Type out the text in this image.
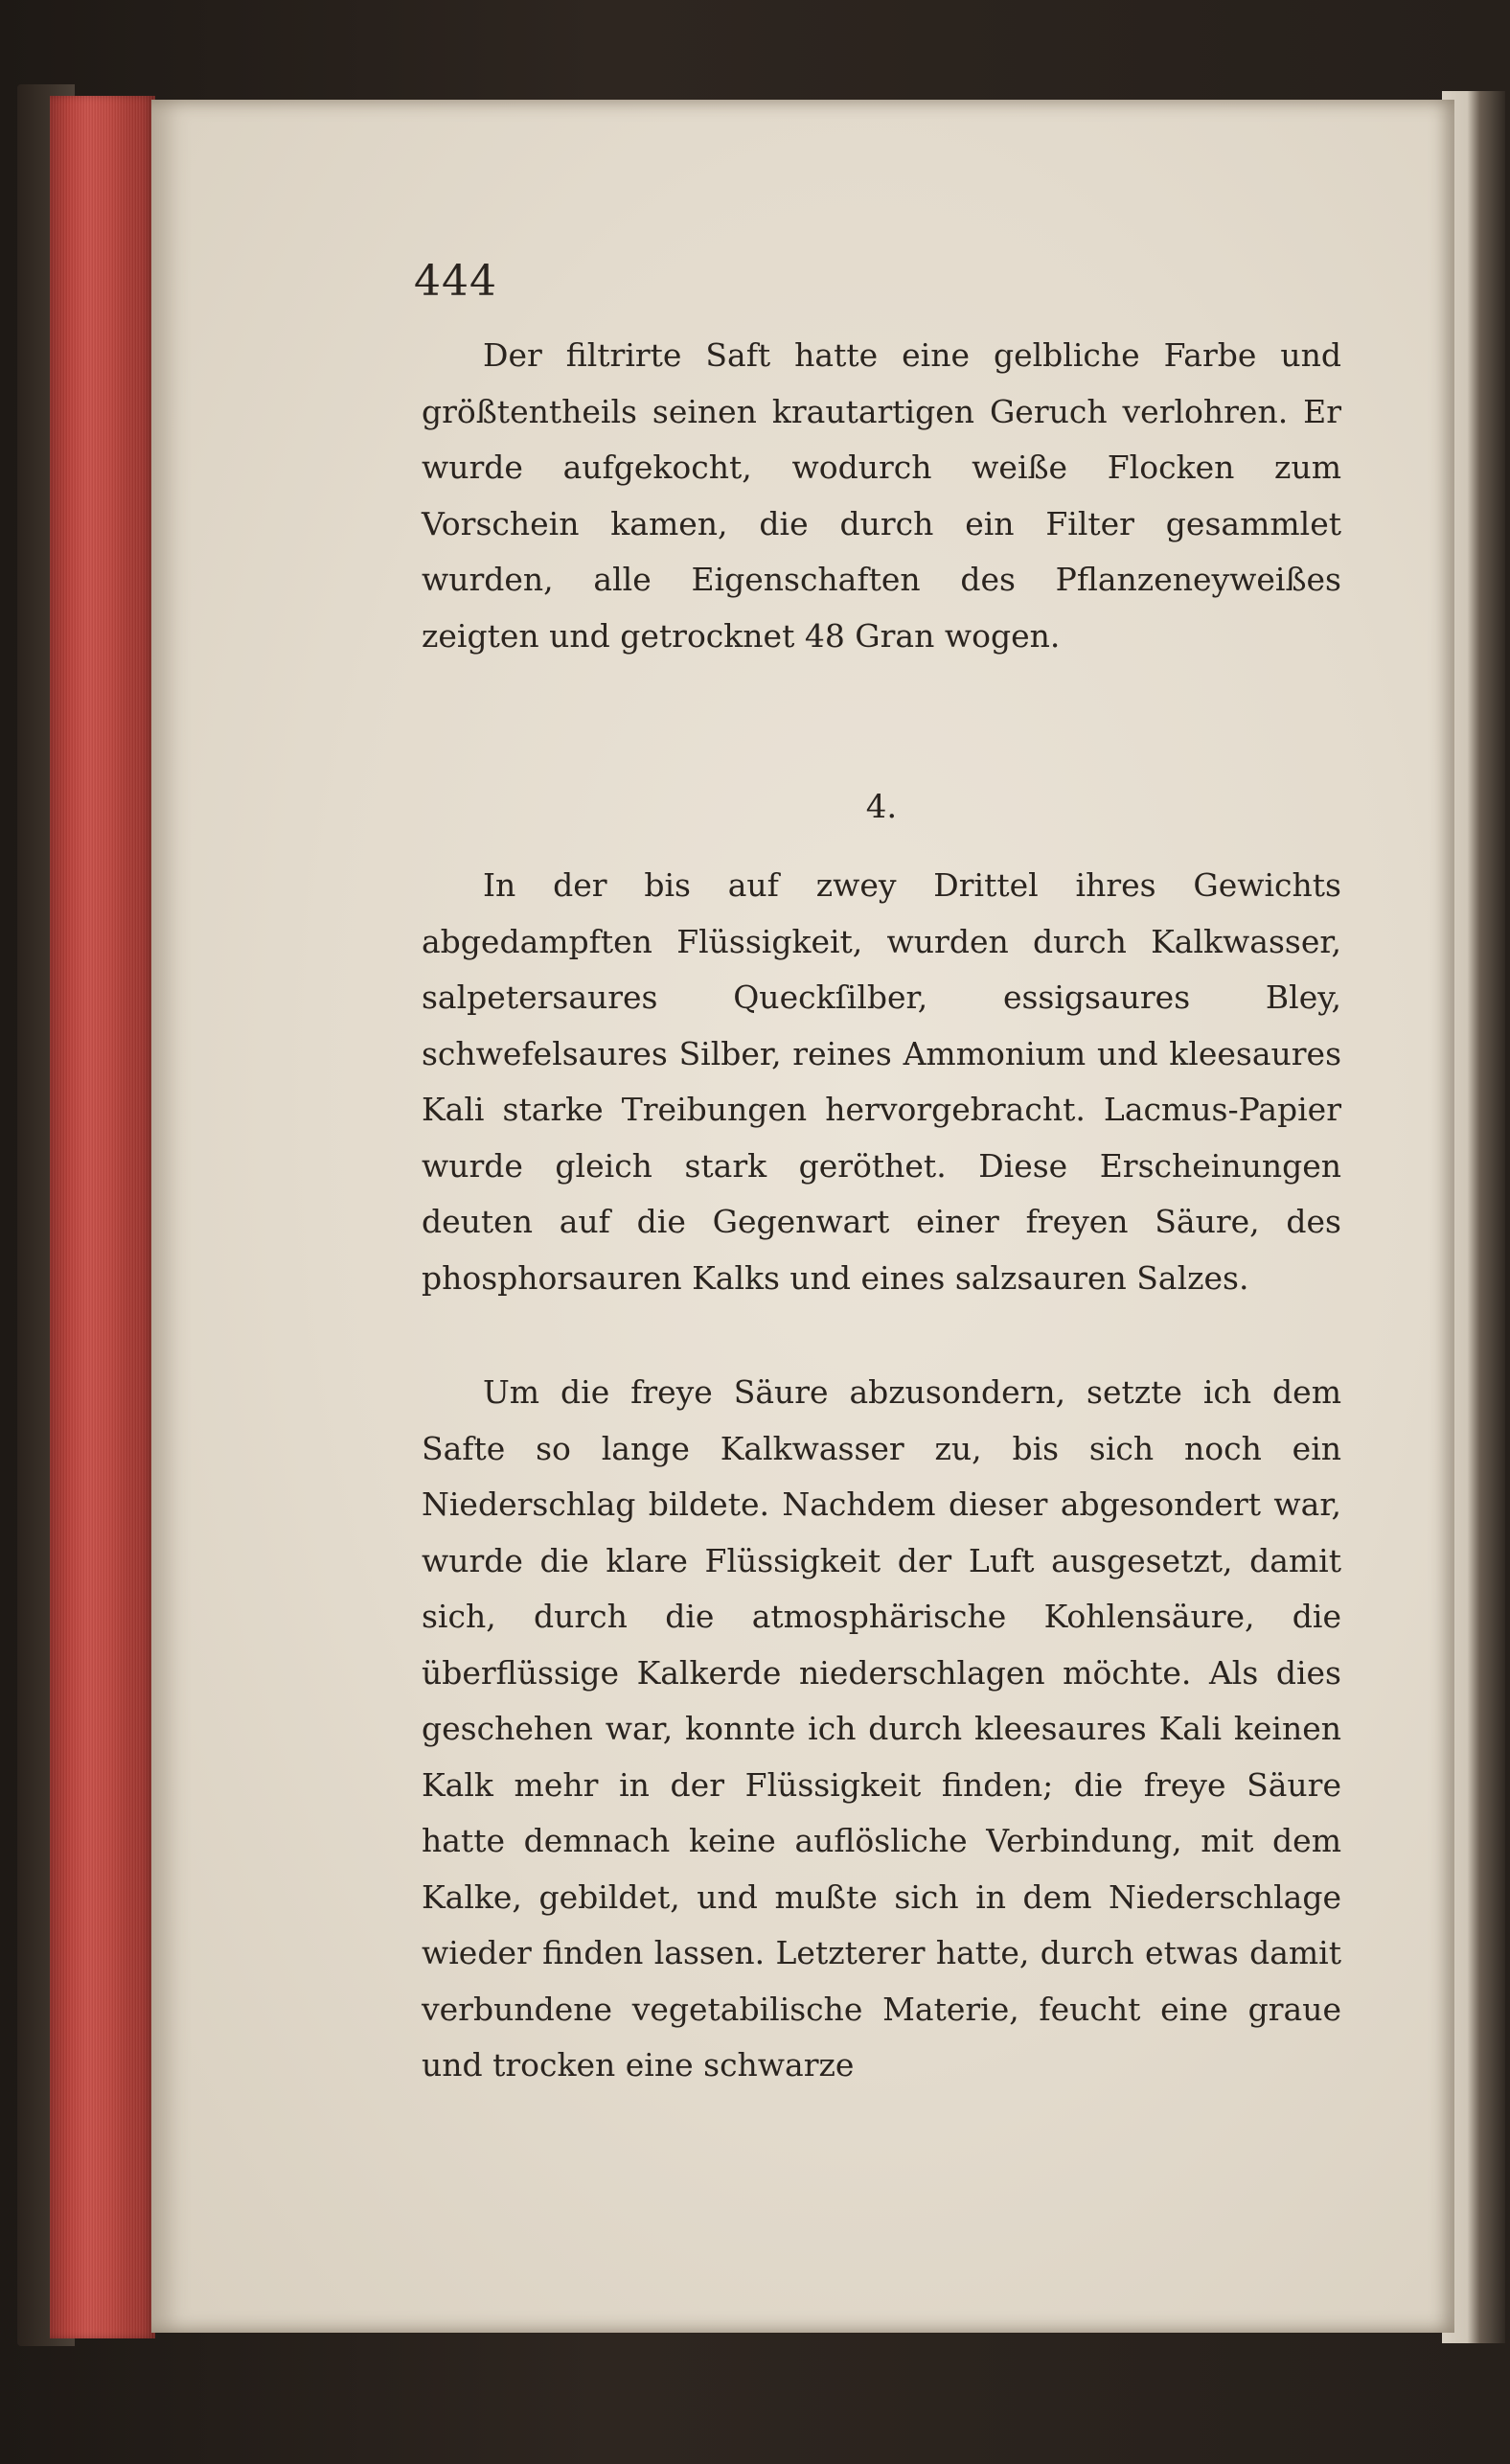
444

Der filtrirte Saft hatte eine gelbliche Farbe und größtentheils seinen krautartigen Geruch verlohren. Er wurde aufgekocht, wodurch weiße Flocken zum Vorschein kamen, die durch ein Filter gesammlet wurden, alle Eigenschaften des Pflanzeneyweißes zeigten und getrocknet 48 Gran wogen.

4.

In der bis auf zwey Drittel ihres Gewichts abgedampften Flüssigkeit, wurden durch Kalkwasser, salpetersaures Queckſilber, essigsaures Bley, schwefelsaures Silber, reines Ammonium und kleesaures Kali starke Treibungen hervorgebracht. Lacmus-Papier wurde gleich stark geröthet. Diese Erscheinungen deuten auf die Gegenwart einer freyen Säure, des phosphorsauren Kalks und eines salzsauren Salzes.

Um die freye Säure abzusondern, setzte ich dem Safte so lange Kalkwasser zu, bis sich noch ein Niederschlag bildete. Nachdem dieser abgesondert war, wurde die klare Flüssigkeit der Luft ausgesetzt, damit sich, durch die atmosphärische Kohlensäure, die überflüssige Kalkerde niederschlagen möchte. Als dies geschehen war, konnte ich durch kleesaures Kali keinen Kalk mehr in der Flüssigkeit finden; die freye Säure hatte demnach keine auflösliche Verbindung, mit dem Kalke, gebildet, und mußte sich in dem Niederschlage wieder finden lassen. Letzterer hatte, durch etwas damit verbundene vegetabilische Materie, feucht eine graue und trocken eine schwarze
